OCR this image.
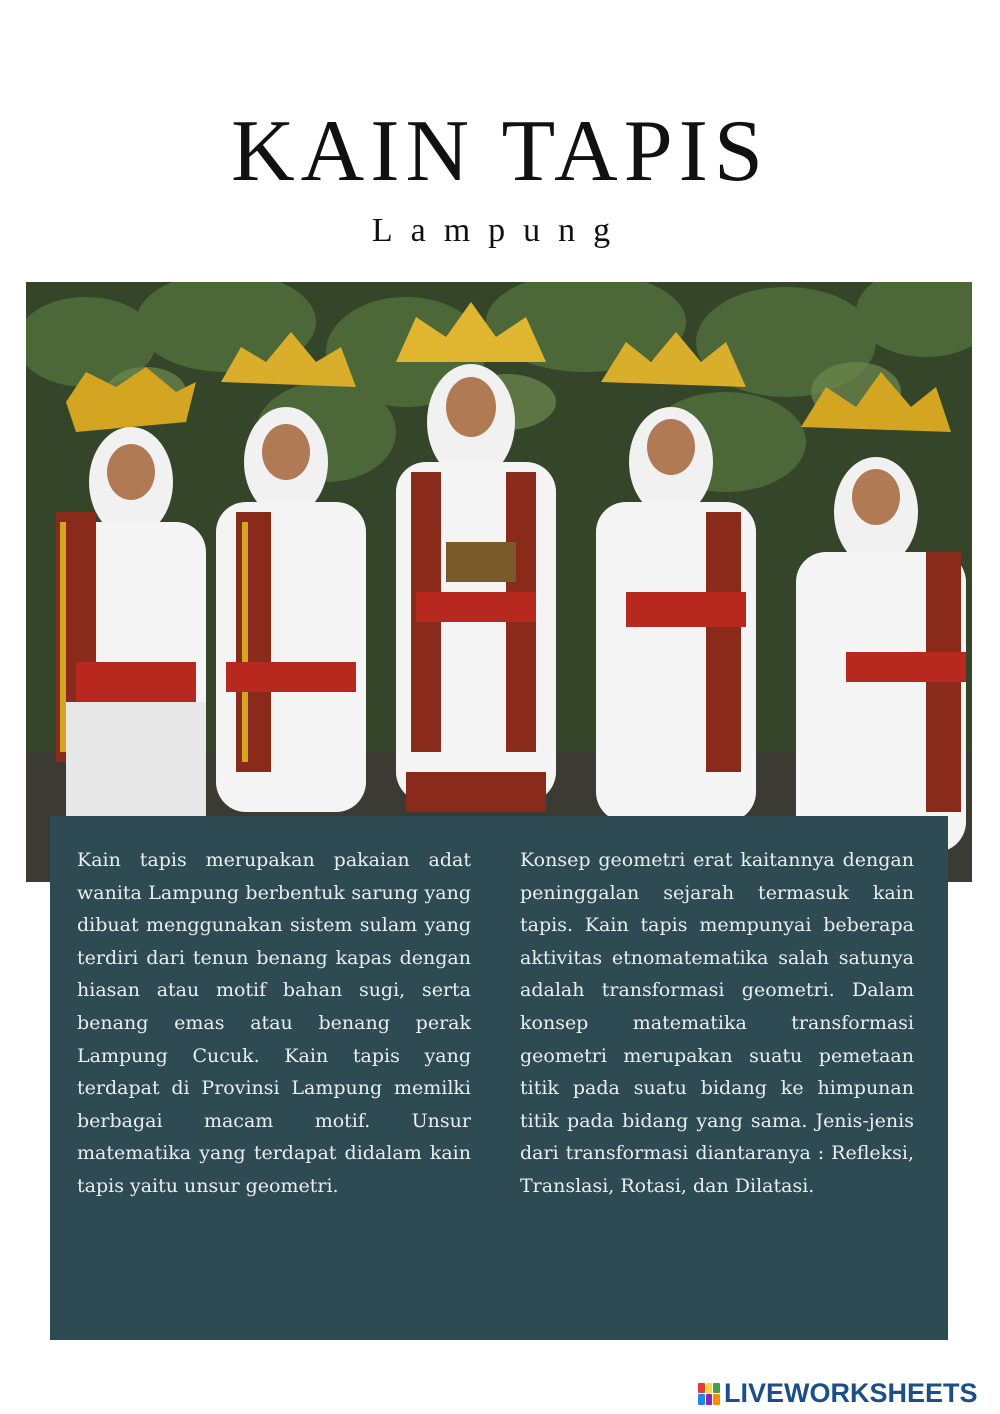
KAIN TAPIS
Lampung
Kain tapis merupakan pakaian adat wanita Lampung berbentuk sarung yang dibuat menggunakan sistem sulam yang terdiri dari tenun benang kapas dengan hiasan atau motif bahan sugi, serta benang emas atau benang perak Lampung Cucuk. Kain tapis yang terdapat di Provinsi Lampung memilki berbagai macam motif. Unsur matematika yang terdapat didalam kain tapis yaitu unsur geometri.
Konsep geometri erat kaitannya dengan peninggalan sejarah termasuk kain tapis. Kain tapis mempunyai beberapa aktivitas etnomatematika salah satunya adalah transformasi geometri. Dalam konsep matematika transformasi geometri merupakan suatu pemetaan titik pada suatu bidang ke himpunan titik pada bidang yang sama. Jenis-jenis dari transformasi diantaranya : Refleksi, Translasi, Rotasi, dan Dilatasi.
LIVEWORKSHEETS
